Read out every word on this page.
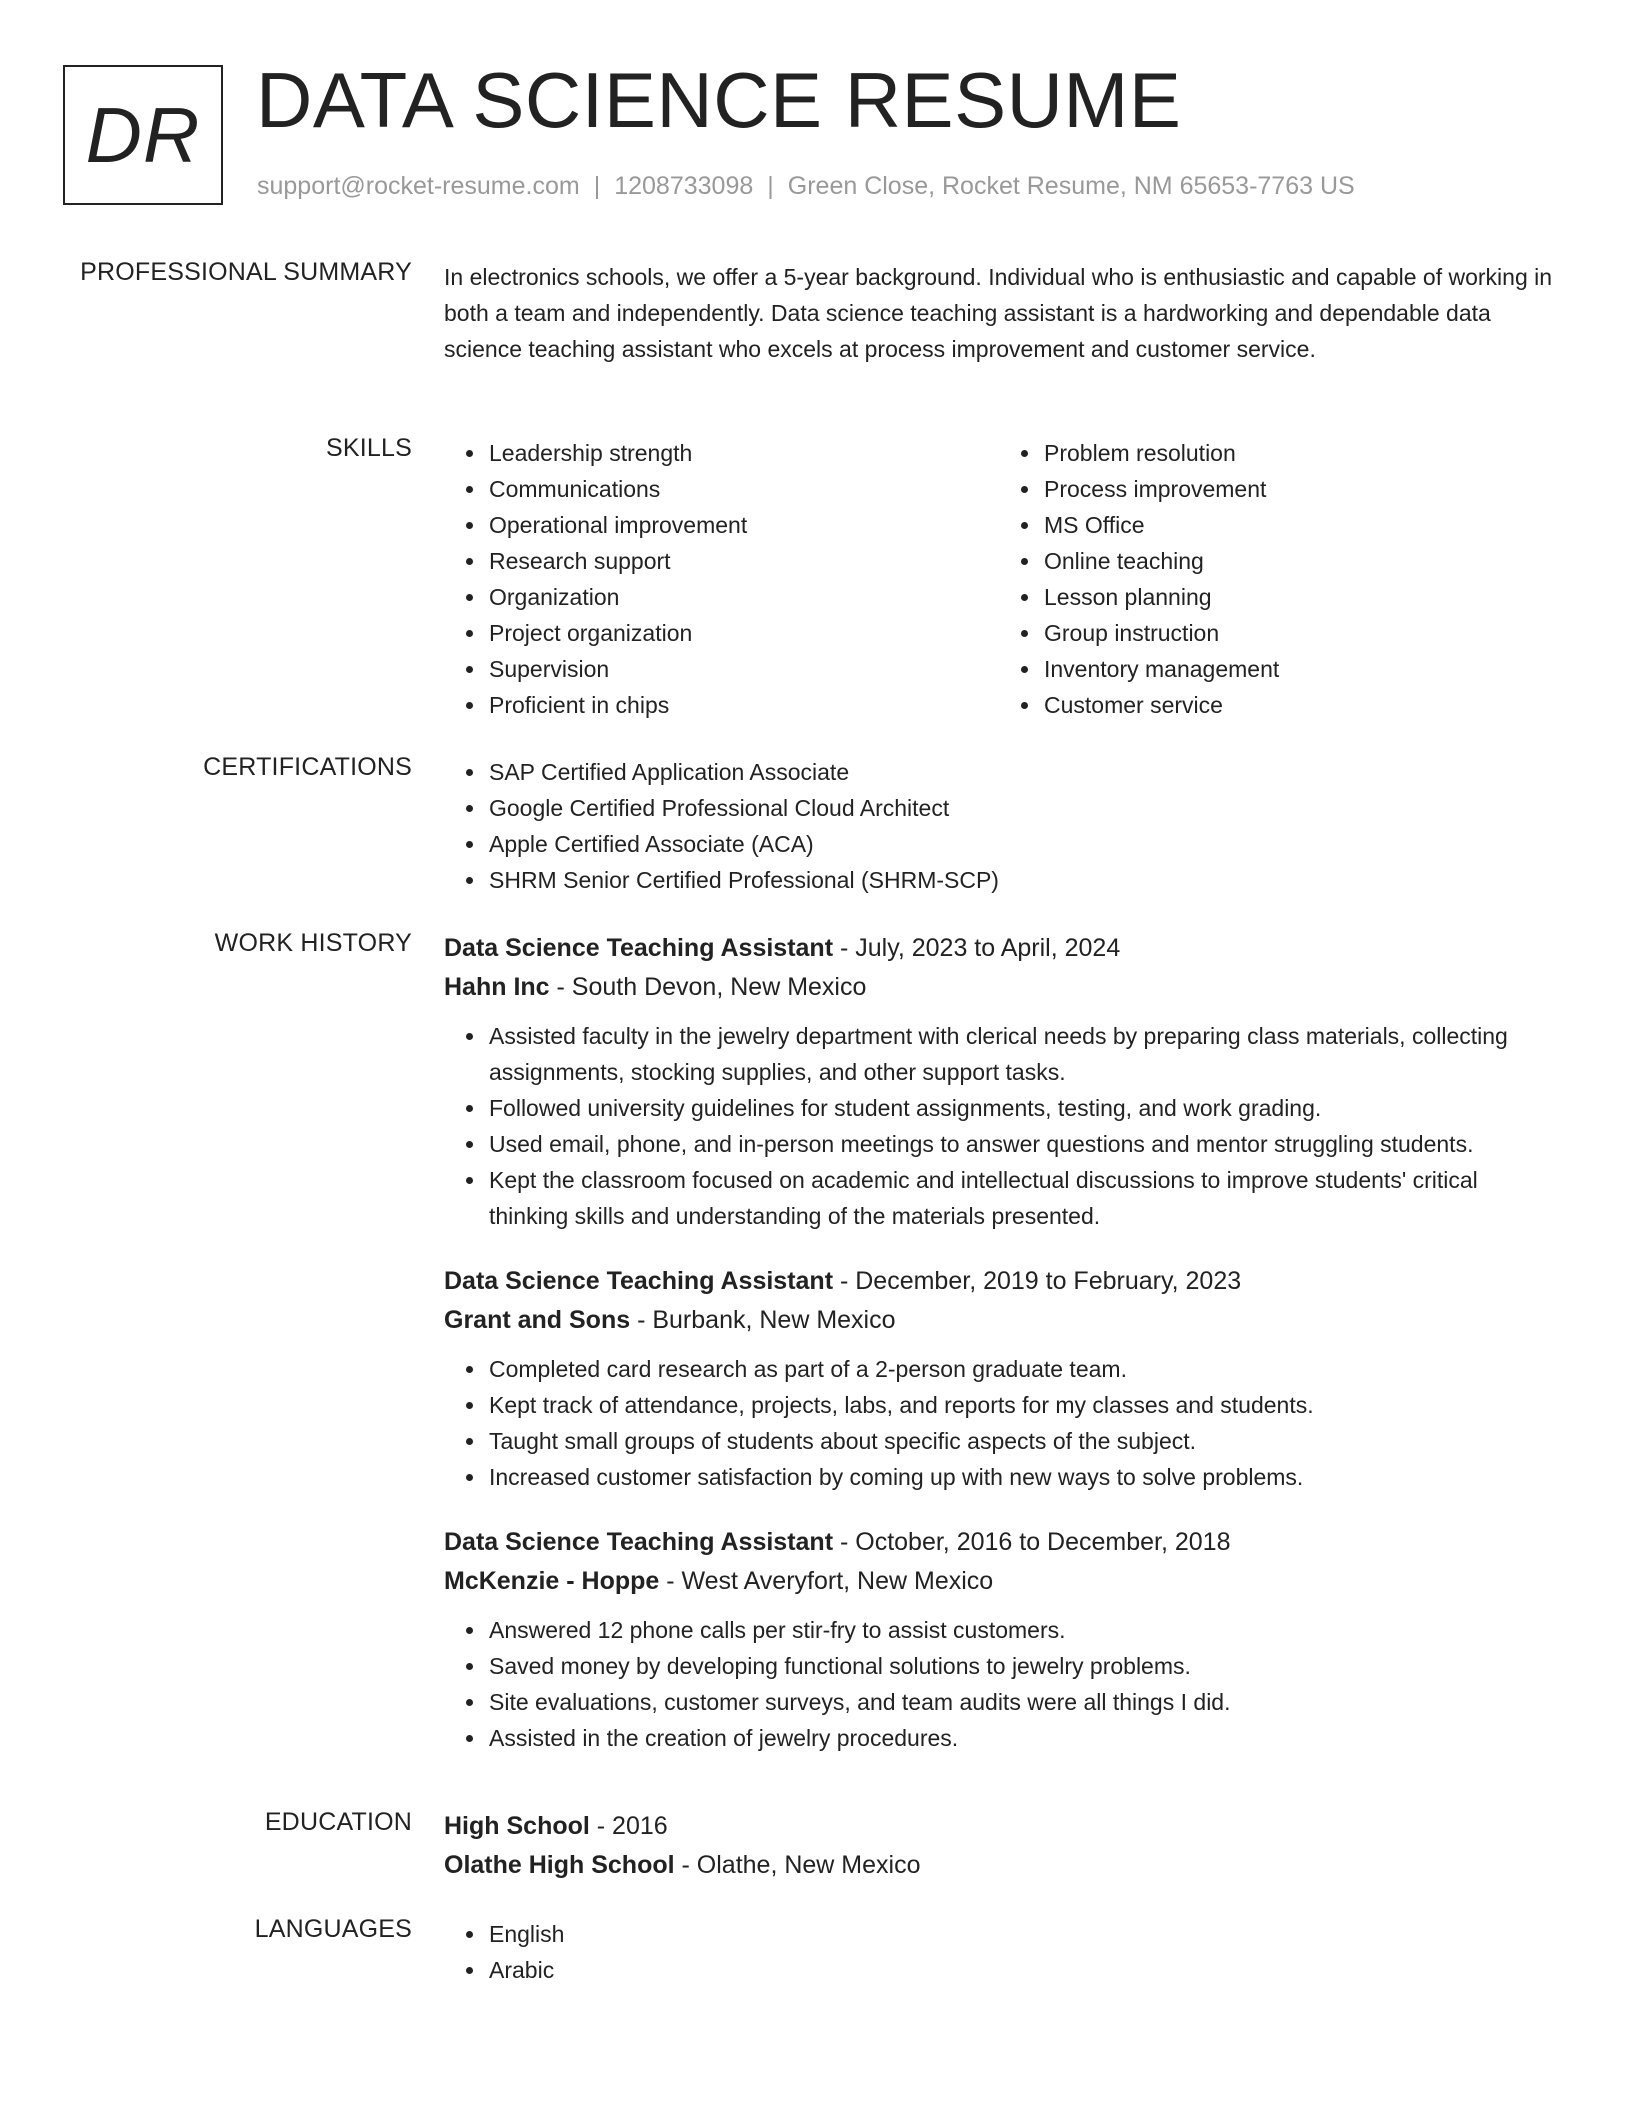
DR DATA SCIENCE RESUME
support@rocket-resume.com | 1208733098 | Green Close, Rocket Resume, NM 65653-7763 US
PROFESSIONAL SUMMARY In electronics schools, we offer a 5-year background. Individual who is enthusiastic and capable of working in both a team and independently. Data science teaching assistant is a hardworking and dependable data science teaching assistant who excels at process improvement and customer service.

SKILLS	• Leadership strength
• Communications
• Operational improvement
• Research support
• Organization
• Project organization
• Supervision
• Proficient in chips
• Problem resolution
• Process improvement
• MS Office
• Online teaching
• Lesson planning
• Group instruction
• Inventory management
• Customer service
CERTIFICATIONS	• SAP Certified Application Associate
• Google Certified Professional Cloud Architect
• Apple Certified Associate (ACA)
• SHRM Senior Certified Professional (SHRM-SCP)
WORK HISTORY Data Science Teaching Assistant - July, 2023 to April, 2024
Hahn Inc - South Devon, New Mexico
• Assisted faculty in the jewelry department with clerical needs by preparing class materials, collecting assignments, stocking supplies, and other support tasks.
• Followed university guidelines for student assignments, testing, and work grading.
• Used email, phone, and in-person meetings to answer questions and mentor struggling students.
• Kept the classroom focused on academic and intellectual discussions to improve students' critical thinking skills and understanding of the materials presented.
Data Science Teaching Assistant - December, 2019 to February, 2023
Grant and Sons - Burbank, New Mexico
• Completed card research as part of a 2-person graduate team.
• Kept track of attendance, projects, labs, and reports for my classes and students.
• Taught small groups of students about specific aspects of the subject.
• Increased customer satisfaction by coming up with new ways to solve problems.
Data Science Teaching Assistant - October, 2016 to December, 2018
McKenzie - Hoppe - West Averyfort, New Mexico
• Answered 12 phone calls per stir-fry to assist customers.
• Saved money by developing functional solutions to jewelry problems.
• Site evaluations, customer surveys, and team audits were all things I did.
• Assisted in the creation of jewelry procedures.
EDUCATION High School - 2016
Olathe High School - Olathe, New Mexico
LANGUAGES	• English
• Arabic
